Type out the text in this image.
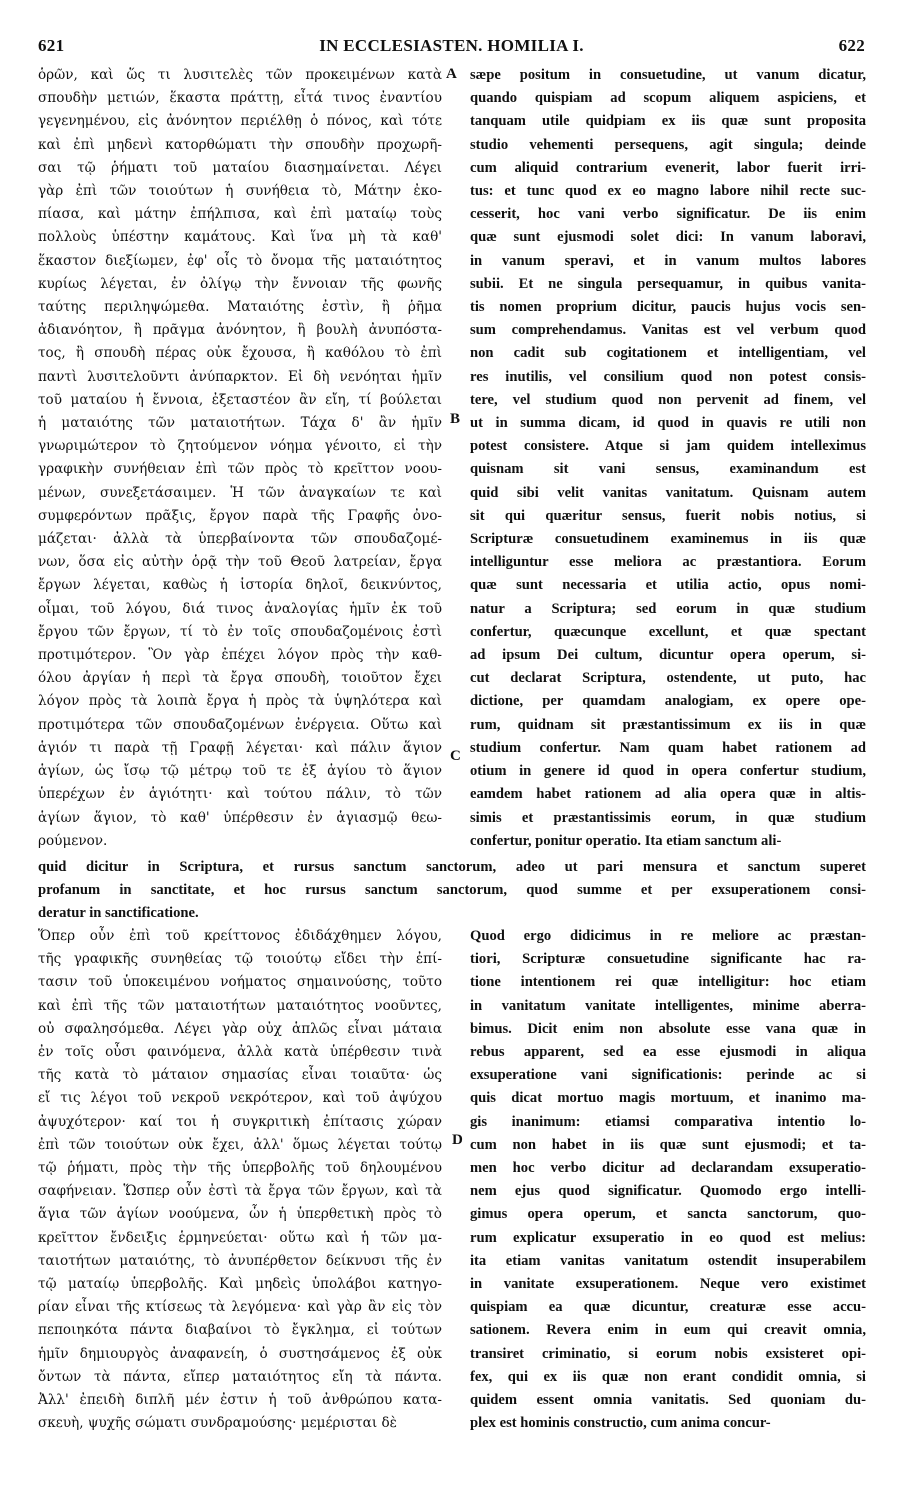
621	IN ECCLESIASTEN. HOMILIA I.	622
ὁρῶν, καὶ ὥς τι λυσιτελὲς τῶν προκειμένων κατὰ
σπουδὴν μετιών, ἕκαστα πράττῃ, εἶτά τινος ἐναντίου
γεγενημένου, εἰς ἀνόνητον περιέλθῃ ὁ πόνος, καὶ τότε
καὶ ἐπὶ μηδενὶ κατορθώματι τὴν σπουδὴν προχωρῆ-
σαι τῷ ῥήματι τοῦ ματαίου διασημαίνεται. Λέγει
γὰρ ἐπὶ τῶν τοιούτων ἡ συνήθεια τὸ, Μάτην ἐκο-
πίασα, καὶ μάτην ἐπήλπισα, καὶ ἐπὶ ματαίῳ τοὺς
πολλοὺς ὑπέστην καμάτους. Καὶ ἵνα μὴ τὰ καθ'
ἕκαστον διεξίωμεν, ἐφ' οἷς τὸ ὄνομα τῆς ματαιότητος
κυρίως λέγεται, ἐν ὀλίγῳ τὴν ἔννοιαν τῆς φωνῆς
ταύτης περιληψώμεθα. Ματαιότης ἐστὶν, ἢ ῥῆμα
ἀδιανόητον, ἢ πρᾶγμα ἀνόνητον, ἢ βουλὴ ἀνυπόστα-
τος, ἢ σπουδὴ πέρας οὐκ ἔχουσα, ἢ καθόλου τὸ ἐπὶ
παντὶ λυσιτελοῦντι ἀνύπαρκτον. Εἰ δὴ νενόηται ἡμῖν
τοῦ ματαίου ἡ ἔννοια, ἐξεταστέον ἂν εἴη, τί βούλεται
ἡ ματαιότης τῶν ματαιοτήτων. Τάχα δ' ἂν ἡμῖν
γνωριμώτερον τὸ ζητούμενον νόημα γένοιτο, εἰ τὴν
γραφικὴν συνήθειαν ἐπὶ τῶν πρὸς τὸ κρεῖττον νοου-
μένων, συνεξετάσαιμεν. Ἡ τῶν ἀναγκαίων τε καὶ
συμφερόντων πρᾶξις, ἔργον παρὰ τῆς Γραφῆς ὀνο-
μάζεται· ἀλλὰ τὰ ὑπερβαίνοντα τῶν σπουδαζομέ-
νων, ὅσα εἰς αὐτὴν ὁρᾷ τὴν τοῦ Θεοῦ λατρείαν, ἔργα
ἔργων λέγεται, καθὼς ἡ ἱστορία δηλοῖ, δεικνύντος,
οἶμαι, τοῦ λόγου, διά τινος ἀναλογίας ἡμῖν ἐκ τοῦ
ἔργου τῶν ἔργων, τί τὸ ἐν τοῖς σπουδαζομένοις ἐστὶ
προτιμότερον. Ὃν γὰρ ἐπέχει λόγον πρὸς τὴν καθ-
όλου ἀργίαν ἡ περὶ τὰ ἔργα σπουδὴ, τοιοῦτον ἔχει
λόγον πρὸς τὰ λοιπὰ ἔργα ἡ πρὸς τὰ ὑψηλότερα καὶ
προτιμότερα τῶν σπουδαζομένων ἐνέργεια. Οὕτω καὶ
ἁγιόν τι παρὰ τῇ Γραφῇ λέγεται· καὶ πάλιν ἅγιον
ἁγίων, ὡς ἴσῳ τῷ μέτρῳ τοῦ τε ἐξ ἁγίου τὸ ἅγιον
ὑπερέχων ἐν ἁγιότητι· καὶ τούτου πάλιν, τὸ τῶν
ἁγίων ἅγιον, τὸ καθ' ὑπέρθεσιν ἐν ἁγιασμῷ θεω-
ρούμενον.
sæpe positum in consuetudine, ut vanum dicatur,
quando quispiam ad scopum aliquem aspiciens, et
tanquam utile quidpiam ex iis quæ sunt proposita
studio vehementi persequens, agit singula; deinde
cum aliquid contrarium evenerit, labor fuerit irri-
tus: et tunc quod ex eo magno labore nihil recte suc-
cesserit, hoc vani verbo significatur. De iis enim
quæ sunt ejusmodi solet dici: In vanum laboravi,
in vanum speravi, et in vanum multos labores
subii. Et ne singula persequamur, in quibus vanita-
tis nomen proprium dicitur, paucis hujus vocis sen-
sum comprehendamus. Vanitas est vel verbum quod
non cadit sub cogitationem et intelligentiam, vel
res inutilis, vel consilium quod non potest consis-
tere, vel studium quod non pervenit ad finem, vel
ut in summa dicam, id quod in quavis re utili non
potest consistere. Atque si jam quidem intelleximus
quisnam sit vani sensus, examinandum est
quid sibi velit vanitas vanitatum. Quisnam autem
sit qui quæritur sensus, fuerit nobis notius, si
Scripturæ consuetudinem examinemus in iis quæ
intelliguntur esse meliora ac præstantiora. Eorum
quæ sunt necessaria et utilia actio, opus nomi-
natur a Scriptura; sed eorum in quæ studium
confertur, quæcunque excellunt, et quæ spectant
ad ipsum Dei cultum, dicuntur opera operum, si-
cut declarat Scriptura, ostendente, ut puto, hac
dictione, per quamdam analogiam, ex opere ope-
rum, quidnam sit præstantissimum ex iis in quæ
studium confertur. Nam quam habet rationem ad
otium in genere id quod in opera confertur studium,
eamdem habet rationem ad alia opera quæ in altis-
simis et præstantissimis eorum, in quæ studium
confertur, ponitur operatio. Ita etiam sanctum ali-
A
B
C
D
quid dicitur in Scriptura, et rursus sanctum sanctorum, adeo ut pari mensura et sanctum superet
profanum in sanctitate, et hoc rursus sanctum sanctorum, quod summe et per exsuperationem consi-
deratur in sanctificatione.
Ὅπερ οὖν ἐπὶ τοῦ κρείττονος ἐδιδάχθημεν λόγου,
τῆς γραφικῆς συνηθείας τῷ τοιούτῳ εἴδει τὴν ἐπί-
τασιν τοῦ ὑποκειμένου νοήματος σημαινούσης, τοῦτο
καὶ ἐπὶ τῆς τῶν ματαιοτήτων ματαιότητος νοοῦντες,
οὐ σφαλησόμεθα. Λέγει γὰρ οὐχ ἁπλῶς εἶναι μάταια
ἐν τοῖς οὖσι φαινόμενα, ἀλλὰ κατὰ ὑπέρθεσιν τινὰ
τῆς κατὰ τὸ μάταιον σημασίας εἶναι τοιαῦτα· ὡς
εἴ τις λέγοι τοῦ νεκροῦ νεκρότερον, καὶ τοῦ ἀψύχου
ἀψυχότερον· καί τοι ἡ συγκριτικὴ ἐπίτασις χώραν
ἐπὶ τῶν τοιούτων οὐκ ἔχει, ἀλλ' ὅμως λέγεται τούτῳ
τῷ ῥήματι, πρὸς τὴν τῆς ὑπερβολῆς τοῦ δηλουμένου
σαφήνειαν. Ὥσπερ οὖν ἐστὶ τὰ ἔργα τῶν ἔργων, καὶ τὰ
ἅγια τῶν ἁγίων νοούμενα, ὧν ἡ ὑπερθετικὴ πρὸς τὸ
κρεῖττον ἔνδειξις ἑρμηνεύεται· οὕτω καὶ ἡ τῶν μα-
ταιοτήτων ματαιότης, τὸ ἀνυπέρθετον δείκνυσι τῆς ἐν
τῷ ματαίῳ ὑπερβολῆς. Καὶ μηδεὶς ὑπολάβοι κατηγο-
ρίαν εἶναι τῆς κτίσεως τὰ λεγόμενα· καὶ γὰρ ἂν εἰς τὸν
πεποιηκότα πάντα διαβαίνοι τὸ ἔγκλημα, εἰ τούτων
ἡμῖν δημιουργὸς ἀναφανείη, ὁ συστησάμενος ἐξ οὐκ
ὄντων τὰ πάντα, εἴπερ ματαιότητος εἴη τὰ πάντα.
Ἀλλ' ἐπειδὴ διπλῆ μέν ἐστιν ἡ τοῦ ἀνθρώπου κατα-
σκευὴ, ψυχῆς σώματι συνδραμούσης· μεμέρισται δὲ
Quod ergo didicimus in re meliore ac præstan-
tiori, Scripturæ consuetudine significante hac ra-
tione intentionem rei quæ intelligitur: hoc etiam
in vanitatum vanitate intelligentes, minime aberra-
bimus. Dicit enim non absolute esse vana quæ in
rebus apparent, sed ea esse ejusmodi in aliqua
exsuperatione vani significationis: perinde ac si
quis dicat mortuo magis mortuum, et inanimo ma-
gis inanimum: etiamsi comparativa intentio lo-
cum non habet in iis quæ sunt ejusmodi; et ta-
men hoc verbo dicitur ad declarandam exsuperatio-
nem ejus quod significatur. Quomodo ergo intelli-
gimus opera operum, et sancta sanctorum, quo-
rum explicatur exsuperatio in eo quod est melius:
ita etiam vanitas vanitatum ostendit insuperabilem
in vanitate exsuperationem. Neque vero existimet
quispiam ea quæ dicuntur, creaturæ esse accu-
sationem. Revera enim in eum qui creavit omnia,
transiret criminatio, si eorum nobis exsisteret opi-
fex, qui ex iis quæ non erant condidit omnia, si
quidem essent omnia vanitatis. Sed quoniam du-
plex est hominis constructio, cum anima concur-
